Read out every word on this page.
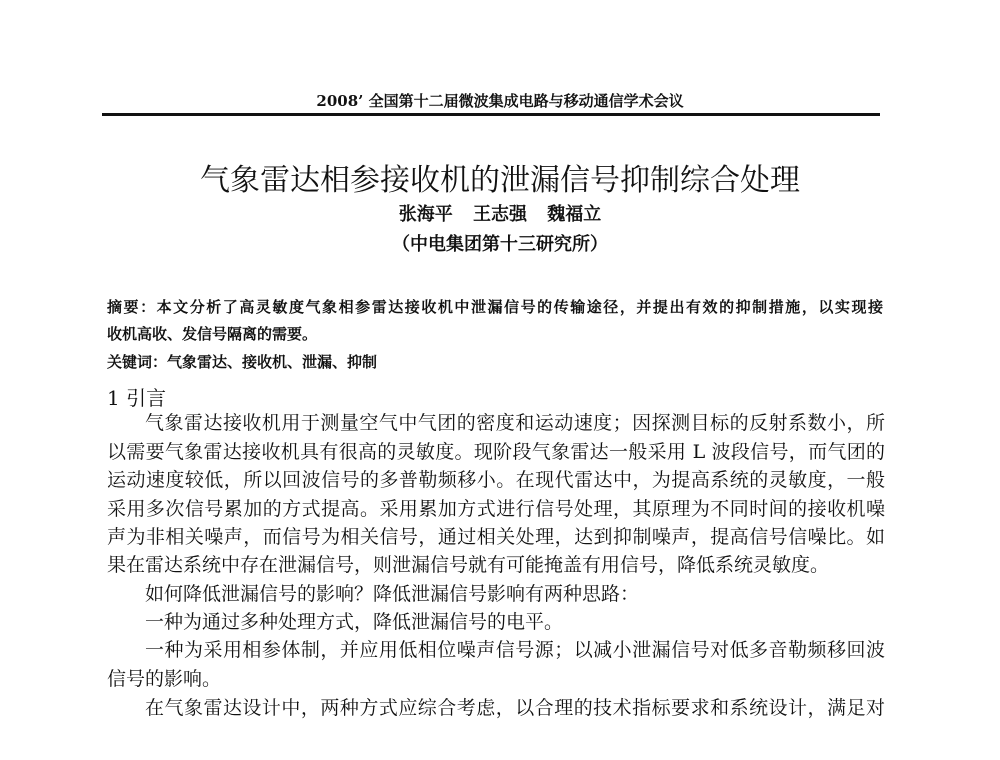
2008’ 全国第十二届微波集成电路与移动通信学术会议
气象雷达相参接收机的泄漏信号抑制综合处理
张海平 王志强 魏福立
（中电集团第十三研究所）
摘要：本文分析了高灵敏度气象相参雷达接收机中泄漏信号的传输途径，并提出有效的抑制措施，以实现接
收机高收、发信号隔离的需要。
关键词：气象雷达、接收机、泄漏、抑制
1 引言
气象雷达接收机用于测量空气中气团的密度和运动速度；因探测目标的反射系数小，所
以需要气象雷达接收机具有很高的灵敏度。现阶段气象雷达一般采用 L 波段信号，而气团的
运动速度较低，所以回波信号的多普勒频移小。在现代雷达中，为提高系统的灵敏度，一般
采用多次信号累加的方式提高。采用累加方式进行信号处理，其原理为不同时间的接收机噪
声为非相关噪声，而信号为相关信号，通过相关处理，达到抑制噪声，提高信号信噪比。如
果在雷达系统中存在泄漏信号，则泄漏信号就有可能掩盖有用信号，降低系统灵敏度。
如何降低泄漏信号的影响？降低泄漏信号影响有两种思路：
一种为通过多种处理方式，降低泄漏信号的电平。
一种为采用相参体制，并应用低相位噪声信号源；以减小泄漏信号对低多音勒频移回波
信号的影响。
在气象雷达设计中，两种方式应综合考虑，以合理的技术指标要求和系统设计，满足对
